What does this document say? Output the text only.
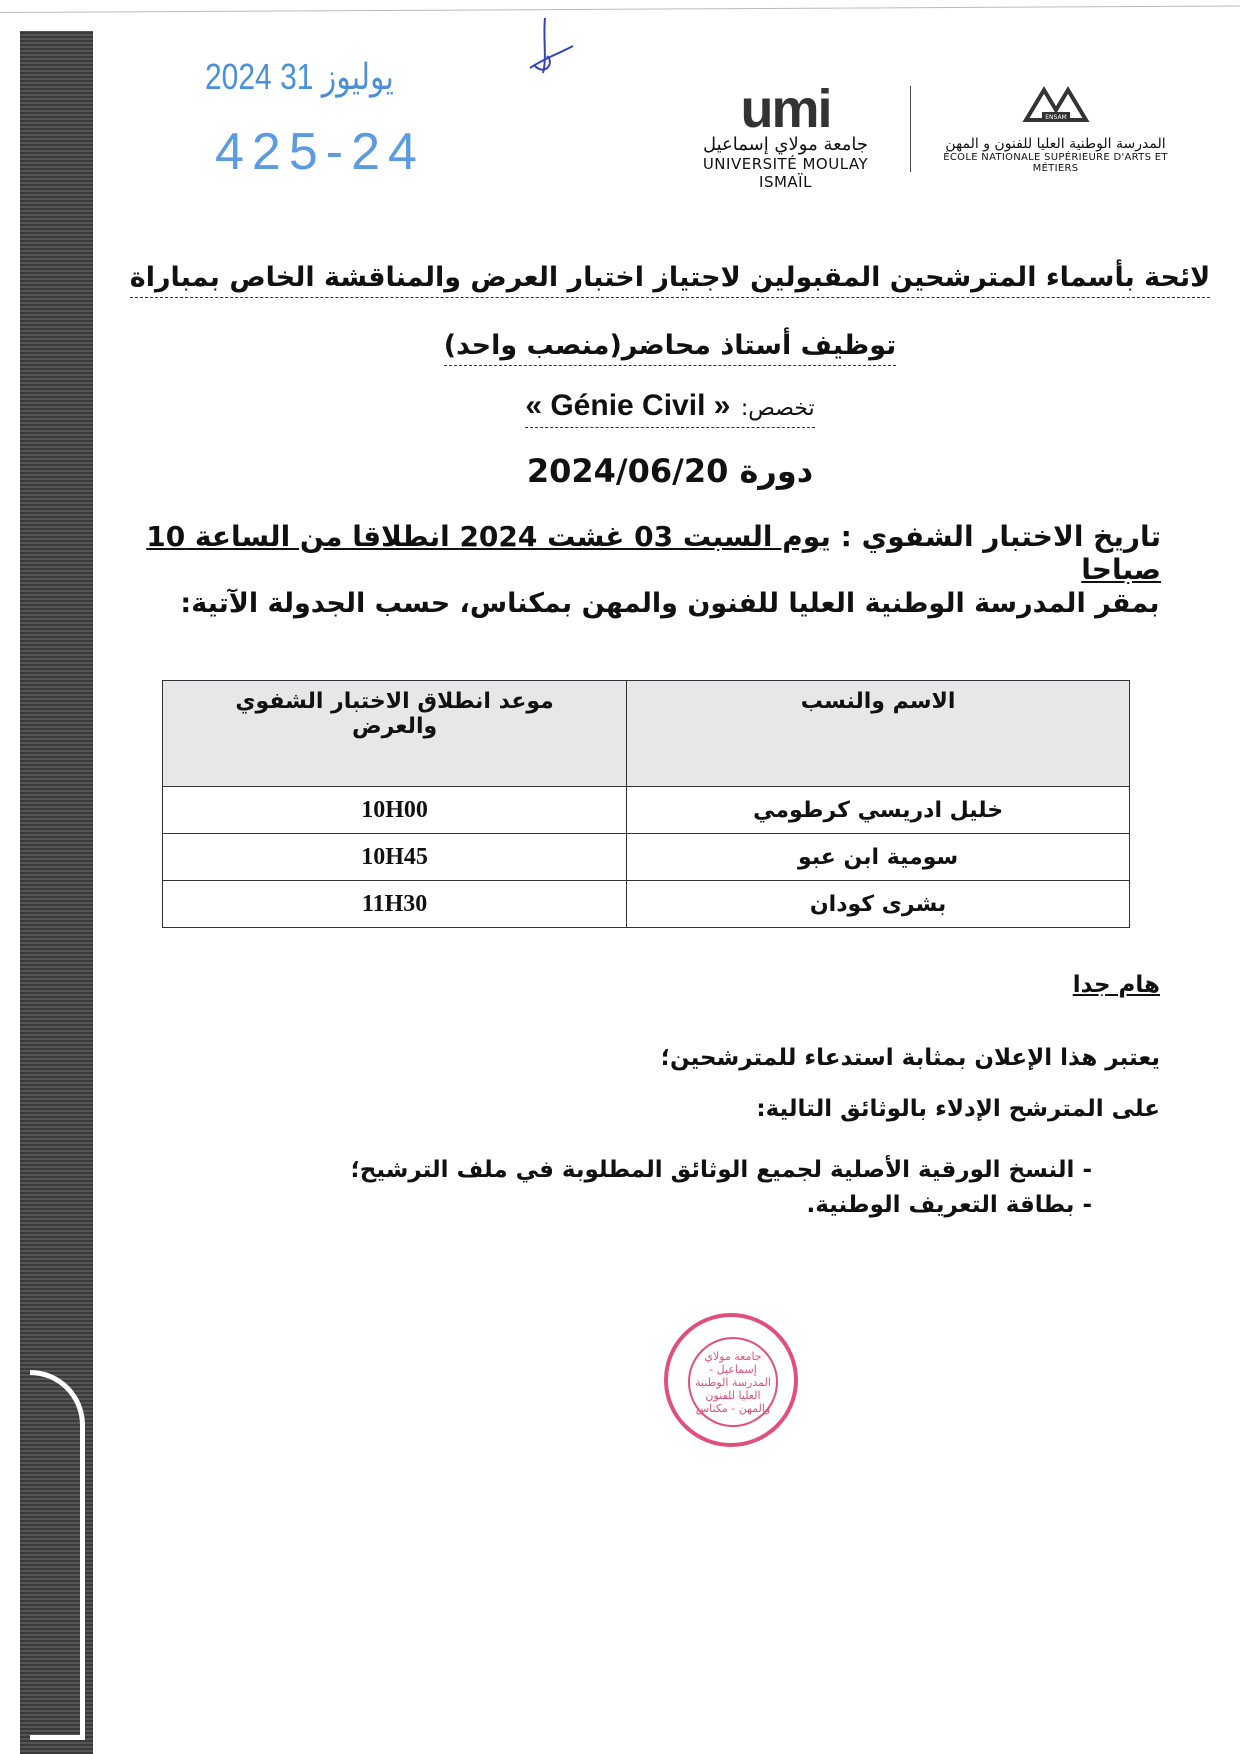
2024 يوليوز 31
425-24
umi
جامعة مولاي إسماعيل
UNIVERSITÉ MOULAY ISMAÏL
ENSAM
المدرسة الوطنية العليا للفنون و المهن
ÉCOLE NATIONALE SUPÉRIEURE D'ARTS ET MÉTIERS
لائحة بأسماء المترشحين المقبولين لاجتياز اختبار العرض والمناقشة الخاص بمباراة
توظيف أستاذ محاضر(منصب واحد)
تخصص: « Génie Civil »
دورة 2024/06/20
تاريخ الاختبار الشفوي : يوم السبت 03 غشت 2024 انطلاقا من الساعة 10 صباحا
بمقر المدرسة الوطنية العليا للفنون والمهن بمكناس، حسب الجدولة الآتية:
الاسم والنسب	موعد انطلاق الاختبار الشفوي والعرض
خليل ادريسي كرطومي	10H00
سومية ابن عبو	10H45
بشرى كودان	11H30
هام جدا
يعتبر هذا الإعلان بمثابة استدعاء للمترشحين؛
على المترشح الإدلاء بالوثائق التالية:
- النسخ الورقية الأصلية لجميع الوثائق المطلوبة في ملف الترشيح؛
- بطاقة التعريف الوطنية.
جامعة مولاي إسماعيل - المدرسة الوطنية العليا للفنون والمهن - مكناس
